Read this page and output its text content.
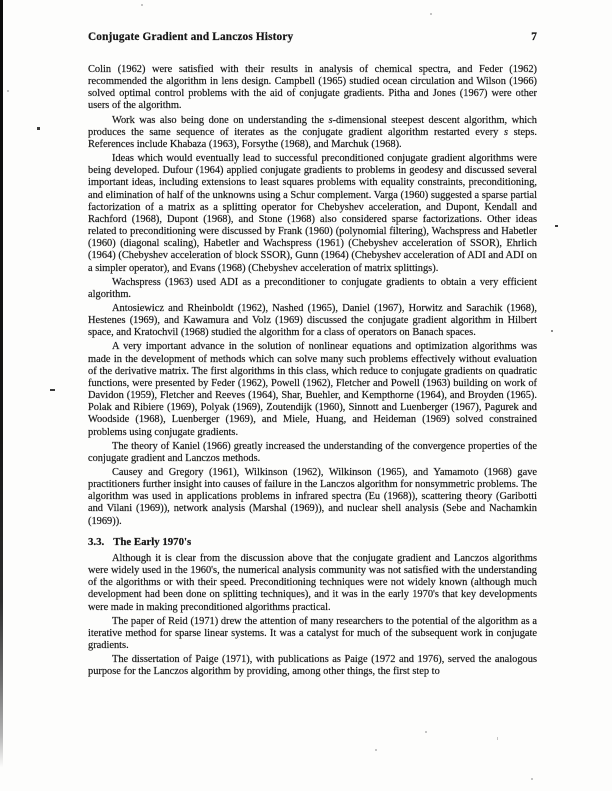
Conjugate Gradient and Lanczos History	7

Colin (1962) were satisfied with their results in analysis of chemical spectra, and Feder (1962) recommended the algorithm in lens design. Campbell (1965) studied ocean circulation and Wilson (1966) solved optimal control problems with the aid of conjugate gradients. Pitha and Jones (1967) were other users of the algorithm.

Work was also being done on understanding the s-dimensional steepest descent algorithm, which produces the same sequence of iterates as the conjugate gradient algorithm restarted every s steps. References include Khabaza (1963), Forsythe (1968), and Marchuk (1968).

Ideas which would eventually lead to successful preconditioned conjugate gradient algorithms were being developed. Dufour (1964) applied conjugate gradients to problems in geodesy and discussed several important ideas, including extensions to least squares problems with equality constraints, preconditioning, and elimination of half of the unknowns using a Schur complement. Varga (1960) suggested a sparse partial factorization of a matrix as a splitting operator for Chebyshev acceleration, and Dupont, Kendall and Rachford (1968), Dupont (1968), and Stone (1968) also considered sparse factorizations. Other ideas related to preconditioning were discussed by Frank (1960) (polynomial filtering), Wachspress and Habetler (1960) (diagonal scaling), Habetler and Wachspress (1961) (Chebyshev acceleration of SSOR), Ehrlich (1964) (Chebyshev acceleration of block SSOR), Gunn (1964) (Chebyshev acceleration of ADI and ADI on a simpler operator), and Evans (1968) (Chebyshev acceleration of matrix splittings).

Wachspress (1963) used ADI as a preconditioner to conjugate gradients to obtain a very efficient algorithm.

Antosiewicz and Rheinboldt (1962), Nashed (1965), Daniel (1967), Horwitz and Sarachik (1968), Hestenes (1969), and Kawamura and Volz (1969) discussed the conjugate gradient algorithm in Hilbert space, and Kratochvil (1968) studied the algorithm for a class of operators on Banach spaces.

A very important advance in the solution of nonlinear equations and optimization algorithms was made in the development of methods which can solve many such problems effectively without evaluation of the derivative matrix. The first algorithms in this class, which reduce to conjugate gradients on quadratic functions, were presented by Feder (1962), Powell (1962), Fletcher and Powell (1963) building on work of Davidon (1959), Fletcher and Reeves (1964), Shar, Buehler, and Kempthorne (1964), and Broyden (1965). Polak and Ribiere (1969), Polyak (1969), Zoutendijk (1960), Sinnott and Luenberger (1967), Pagurek and Woodside (1968), Luenberger (1969), and Miele, Huang, and Heideman (1969) solved constrained problems using conjugate gradients.

The theory of Kaniel (1966) greatly increased the understanding of the convergence properties of the conjugate gradient and Lanczos methods.

Causey and Gregory (1961), Wilkinson (1962), Wilkinson (1965), and Yamamoto (1968) gave practitioners further insight into causes of failure in the Lanczos algorithm for nonsymmetric problems. The algorithm was used in applications problems in infrared spectra (Eu (1968)), scattering theory (Garibotti and Vilani (1969)), network analysis (Marshal (1969)), and nuclear shell analysis (Sebe and Nachamkin (1969)).

3.3. The Early 1970's

Although it is clear from the discussion above that the conjugate gradient and Lanczos algorithms were widely used in the 1960's, the numerical analysis community was not satisfied with the understanding of the algorithms or with their speed. Preconditioning techniques were not widely known (although much development had been done on splitting techniques), and it was in the early 1970's that key developments were made in making preconditioned algorithms practical.

The paper of Reid (1971) drew the attention of many researchers to the potential of the algorithm as a iterative method for sparse linear systems. It was a catalyst for much of the subsequent work in conjugate gradients.

The dissertation of Paige (1971), with publications as Paige (1972 and 1976), served the analogous purpose for the Lanczos algorithm by providing, among other things, the first step to
